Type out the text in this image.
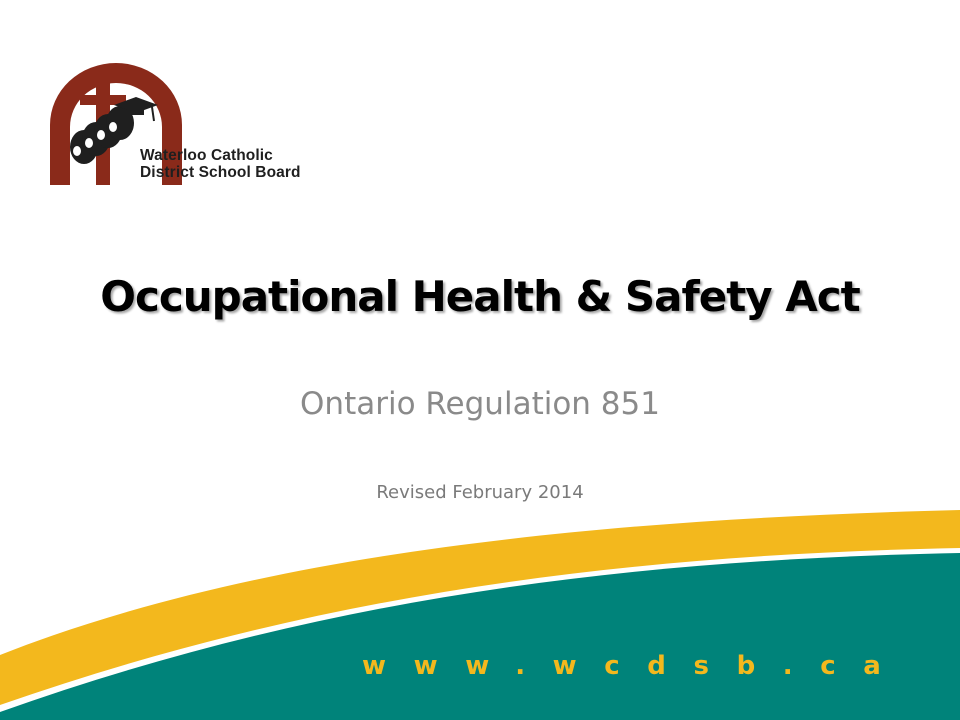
Waterloo Catholic
District School Board
Occupational Health & Safety Act
Ontario Regulation 851
Revised February 2014
www.wcdsb.ca
